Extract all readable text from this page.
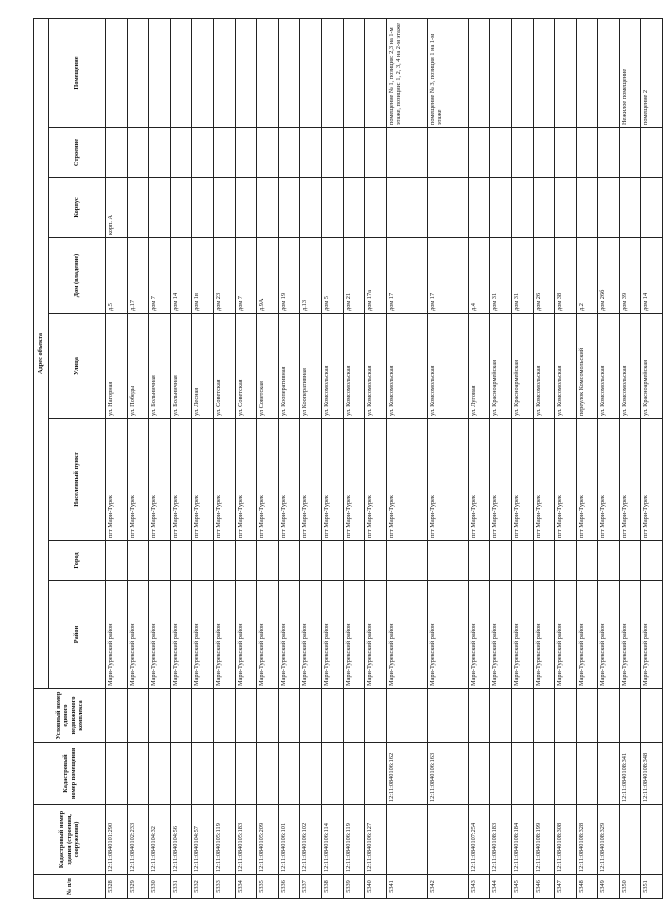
№ п/п	Кадастровый номер здания (строения, сооружения)	Кадастровый номер помещения	Условный номер единого недвижимого комплекса	Адрес объекта							
				Район	Город	Населенный пункт	Улица	Дом (владение)	Корпус	Строение	Помещение
5328	12:11:0840101:290			Мари-Турекский район		пгт Мари-Турек	ул. Нагорная	д.5	корп. А		
5329	12:11:0840102:233			Мари-Турекский район		пгт Мари-Турек	ул. Победы	д.17			
5330	12:11:0840104:32			Мари-Турекский район		пгт Мари-Турек	ул. Больничная	дом 7			
5331	12:11:0840104:56			Мари-Турекский район		пгт Мари-Турек	ул. Больничная	дом 14			
5332	12:11:0840104:57			Мари-Турекский район		пгт Мари-Турек	ул. Лесная	дом 1в			
5333	12:11:0840105:119			Мари-Турекский район		пгт Мари-Турек	ул. Советская	дом 23			
5334	12:11:0840105:183			Мари-Турекский район		пгт Мари-Турек	ул. Советская	дом 7			
5335	12:11:0840105:209			Мари-Турекский район		пгт Мари-Турек	ул Советская	д.9А			
5336	12:11:0840106:101			Мари-Турекский район		пгт Мари-Турек	ул. Кооперативная	дом 19			
5337	12:11:0840106:102			Мари-Турекский район		пгт Мари-Турек	ул Кооперативная	д.13			
5338	12:11:0840106:114			Мари-Турекский район		пгт Мари-Турек	ул. Комсомольская	дом 5			
5339	12:11:0840106:119			Мари-Турекский район		пгт Мари-Турек	ул. Комсомольская	дом 21			
5340	12:11:0840106:127			Мари-Турекский район		пгт Мари-Турек	ул. Комсомольская	дом 17а			
5341		12:11:0840106:162		Мари-Турекский район		пгт Мари-Турек	ул. Комсомольская	дом 17			помещение № 1, позиция: 2,3 на 1-м этаже, позиции: 1, 2, 3, 4 на 2-м этаже
5342		12:11:0840106:163		Мари-Турекский район		пгт Мари-Турек	ул. Комсомольская	дом 17			помещение № 3, позиция 1 на 1-м этаже
5343	12:11:0840107:254			Мари-Турекский район		пгт Мари-Турек	ул. Луговая	д.4			
5344	12:11:0840108:183			Мари-Турекский район		пгт Мари-Турек	ул. Красноармейская	дом 31			
5345	12:11:0840108:184			Мари-Турекский район		пгт Мари-Турек	ул. Красноармейская	дом 31			
5346	12:11:0840108:199			Мари-Турекский район		пгт Мари-Турек	ул. Комсомольская	дом 26			
5347	12:11:0840108:308			Мари-Турекский район		пгт Мари-Турек	ул. Комсомольская	дом 38			
5348	12:11:0840108:328			Мари-Турекский район		пгт Мари-Турек	переулок Комсомольский	д.2			
5349	12:11:0840108:329			Мари-Турекский район		пгт Мари-Турек	ул. Комсомольская	дом 26б			
5350		12:11:0840108:341		Мари-Турекский район		пгт Мари-Турек	ул. Комсомольская	дом 39			Нежилое помещение
5351		12:11:0840108:348		Мари-Турекский район		пгт Мари-Турек	ул. Красноармейская	дом 14			помещение 2
